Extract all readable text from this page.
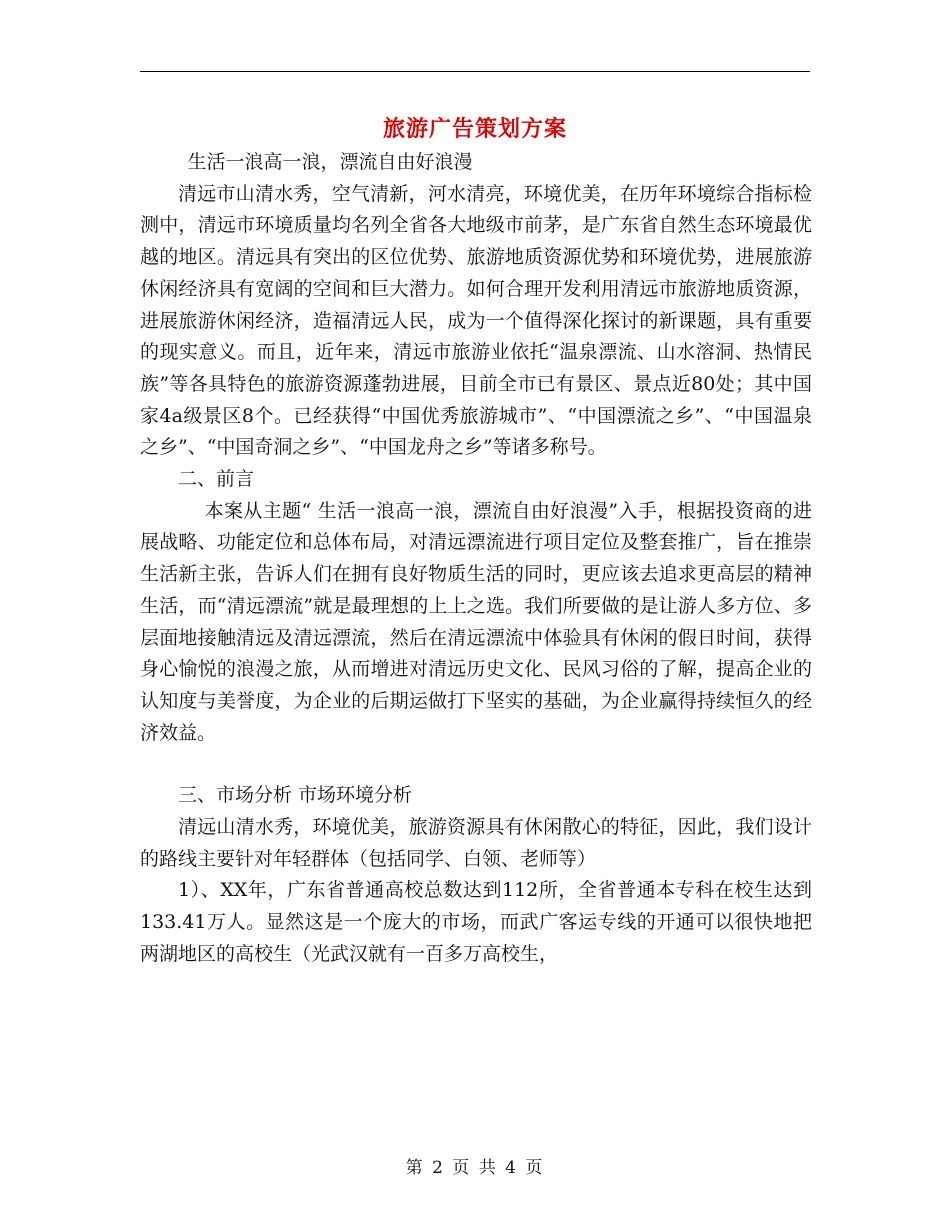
旅游广告策划方案

生活一浪高一浪，漂流自由好浪漫

清远市山清水秀，空气清新，河水清亮，环境优美，在历年环境综合指标检测中，清远市环境质量均名列全省各大地级市前茅，是广东省自然生态环境最优越的地区。清远具有突出的区位优势、旅游地质资源优势和环境优势，进展旅游休闲经济具有宽阔的空间和巨大潜力。如何合理开发利用清远市旅游地质资源，进展旅游休闲经济，造福清远人民，成为一个值得深化探讨的新课题，具有重要的现实意义。而且，近年来，清远市旅游业依托“温泉漂流、山水溶洞、热情民族”等各具特色的旅游资源蓬勃进展，目前全市已有景区、景点近80处；其中国家4a级景区8个。已经获得“中国优秀旅游城市”、“中国漂流之乡”、“中国温泉之乡”、“中国奇洞之乡”、“中国龙舟之乡”等诸多称号。

二、前言

本案从主题“ 生活一浪高一浪，漂流自由好浪漫”入手，根据投资商的进展战略、功能定位和总体布局，对清远漂流进行项目定位及整套推广，旨在推崇生活新主张，告诉人们在拥有良好物质生活的同时，更应该去追求更高层的精神生活，而“清远漂流”就是最理想的上上之选。我们所要做的是让游人多方位、多层面地接触清远及清远漂流，然后在清远漂流中体验具有休闲的假日时间，获得身心愉悦的浪漫之旅，从而增进对清远历史文化、民风习俗的了解，提高企业的认知度与美誉度，为企业的后期运做打下坚实的基础，为企业赢得持续恒久的经济效益。

三、市场分析 市场环境分析

清远山清水秀，环境优美，旅游资源具有休闲散心的特征，因此，我们设计的路线主要针对年轻群体（包括同学、白领、老师等）

1）、XX年，广东省普通高校总数达到112所，全省普通本专科在校生达到133.41万人。显然这是一个庞大的市场，而武广客运专线的开通可以很快地把两湖地区的高校生（光武汉就有一百多万高校生，

第 2 页 共 4 页
